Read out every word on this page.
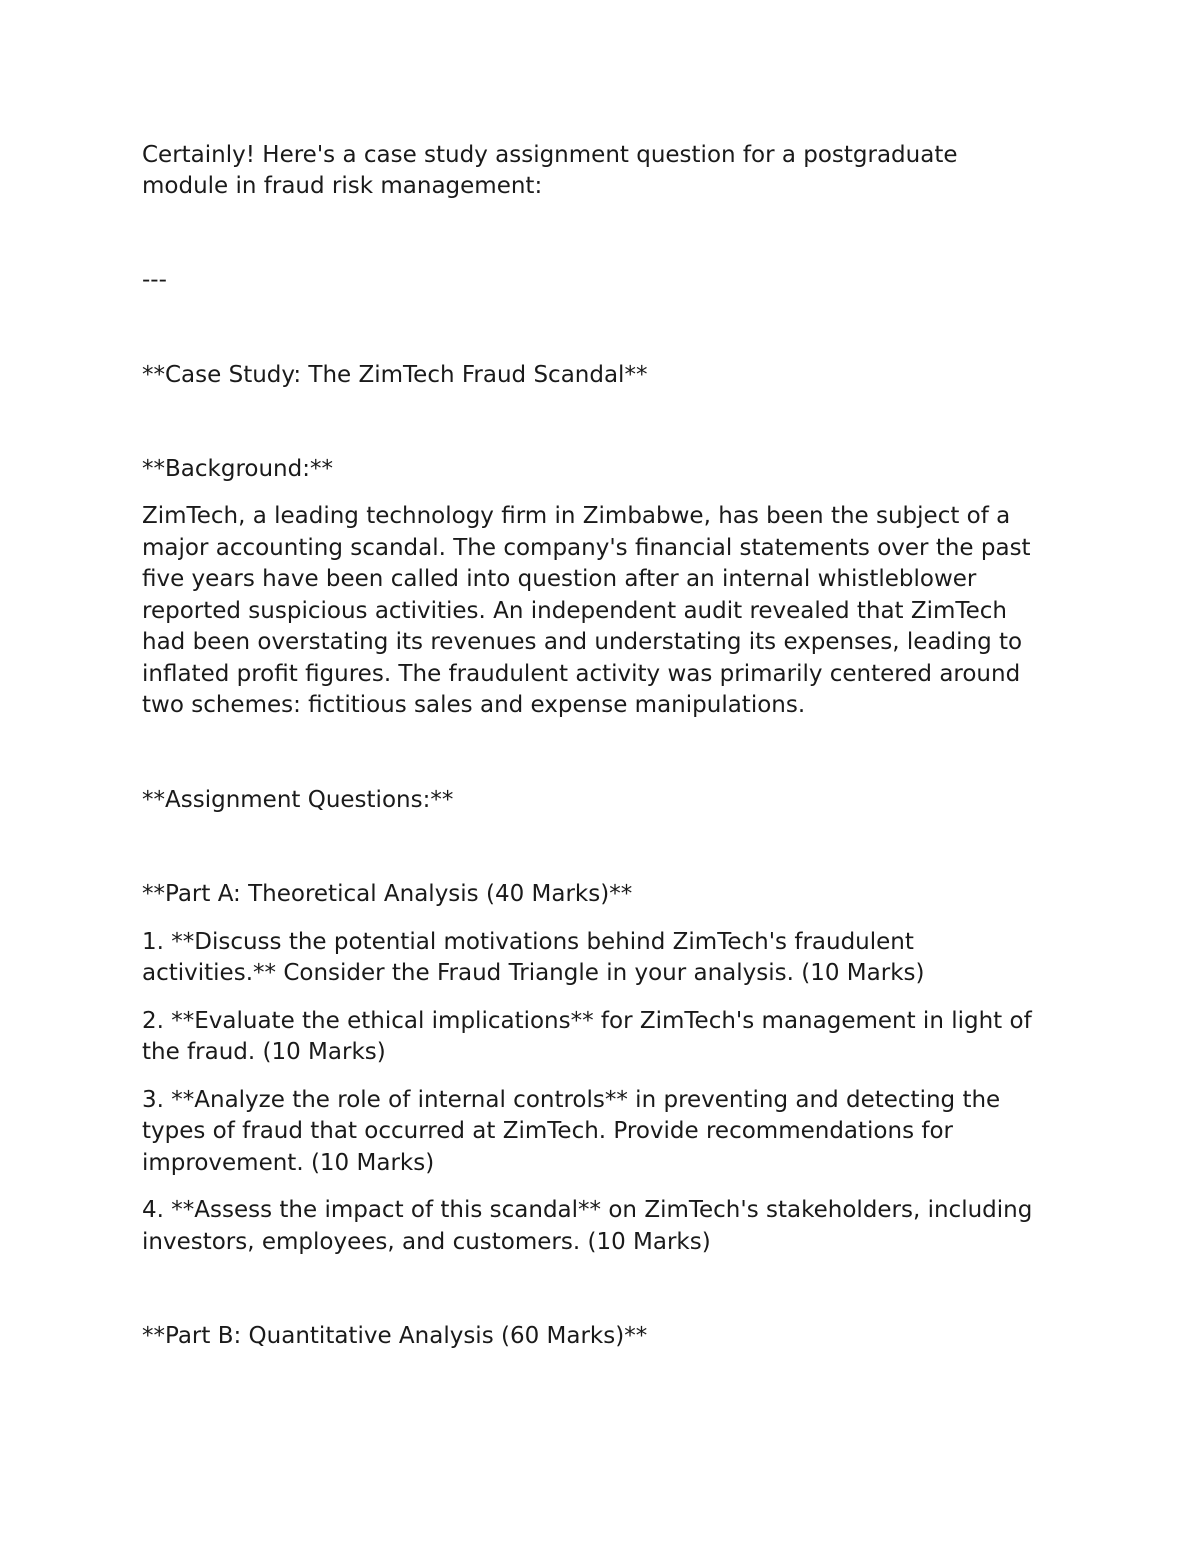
Certainly! Here's a case study assignment question for a postgraduate
module in fraud risk management:
---
**Case Study: The ZimTech Fraud Scandal**
**Background:**
ZimTech, a leading technology firm in Zimbabwe, has been the subject of a
major accounting scandal. The company's financial statements over the past
five years have been called into question after an internal whistleblower
reported suspicious activities. An independent audit revealed that ZimTech
had been overstating its revenues and understating its expenses, leading to
inflated profit figures. The fraudulent activity was primarily centered around
two schemes: fictitious sales and expense manipulations.
**Assignment Questions:**
**Part A: Theoretical Analysis (40 Marks)**
1. **Discuss the potential motivations behind ZimTech's fraudulent
activities.** Consider the Fraud Triangle in your analysis. (10 Marks)
2. **Evaluate the ethical implications** for ZimTech's management in light of
the fraud. (10 Marks)
3. **Analyze the role of internal controls** in preventing and detecting the
types of fraud that occurred at ZimTech. Provide recommendations for
improvement. (10 Marks)
4. **Assess the impact of this scandal** on ZimTech's stakeholders, including
investors, employees, and customers. (10 Marks)
**Part B: Quantitative Analysis (60 Marks)**
